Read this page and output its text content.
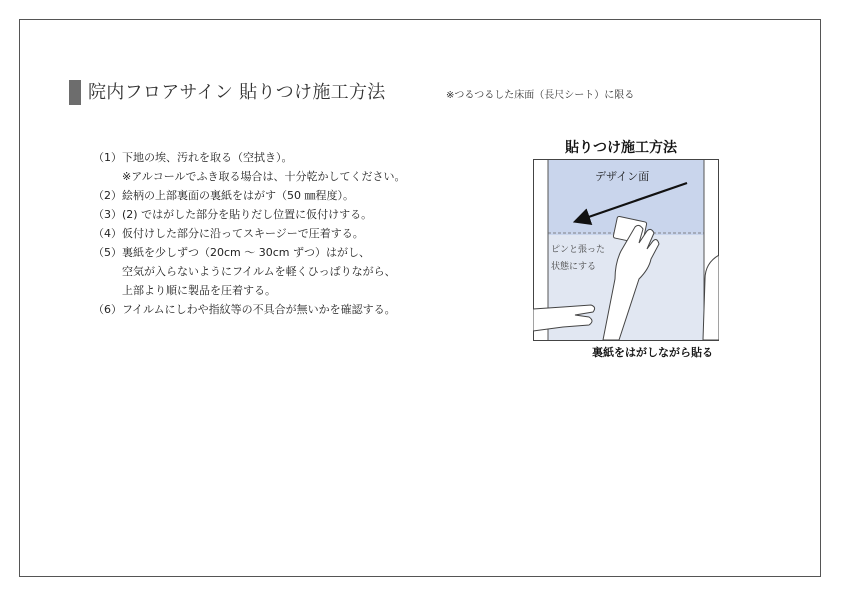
院内フロアサイン 貼りつけ施工方法	※つるつるした床面（長尺シート）に限る
（1） 下地の埃、汚れを取る（空拭き）。
※アルコールでふき取る場合は、十分乾かしてください。
（2） 絵柄の上部裏面の裏紙をはがす（50 ㎜程度）。
（3） (2) ではがした部分を貼りだし位置に仮付けする。
（4） 仮付けした部分に沿ってスキージーで圧着する。
（5） 裏紙を少しずつ（20cm ～ 30cm ずつ）はがし、
空気が入らないようにフイルムを軽くひっぱりながら、
上部より順に製品を圧着する。
（6） フイルムにしわや指紋等の不具合が無いかを確認する。
貼りつけ施工方法
デザイン面
ピンと張った
状態にする
裏紙をはがしながら貼る
